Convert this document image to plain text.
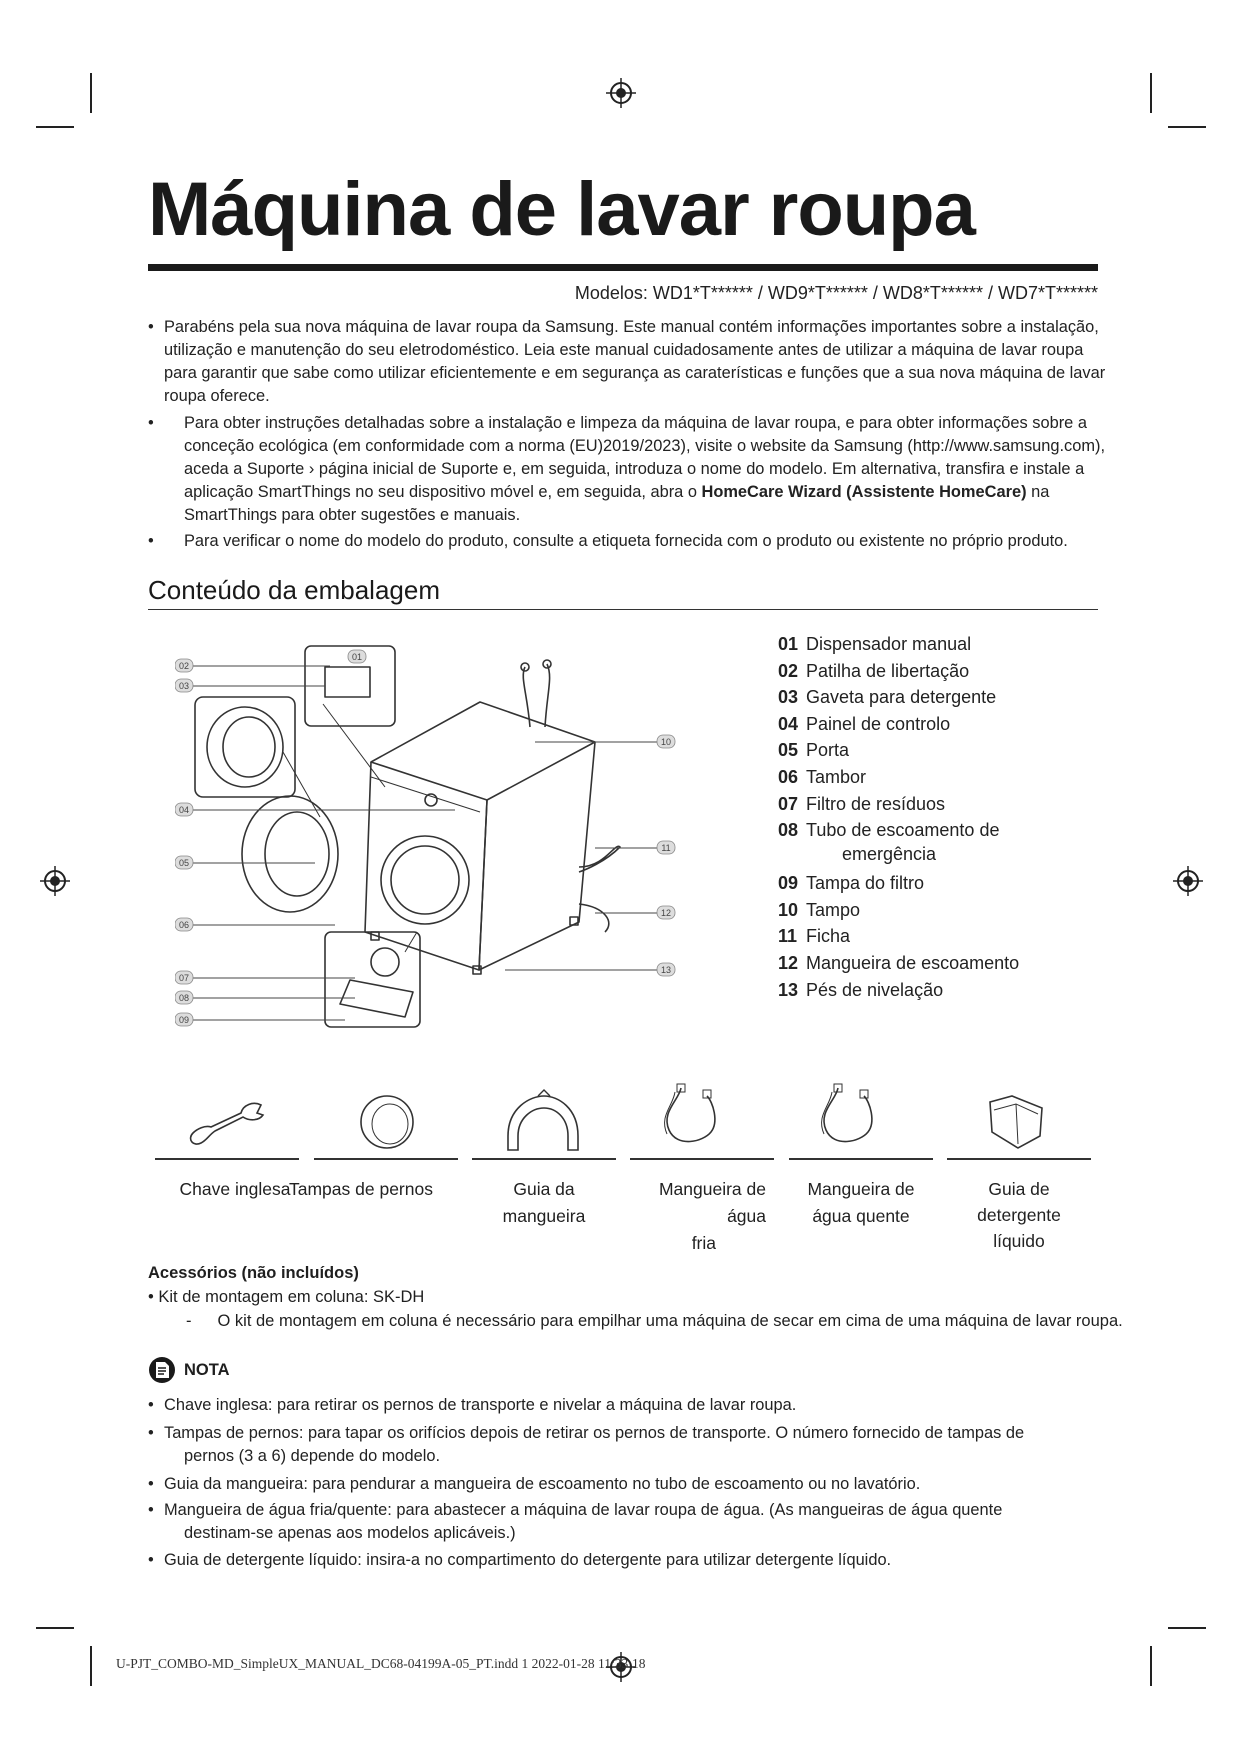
Máquina de lavar roupa
Modelos: WD1*T****** / WD9*T****** / WD8*T****** / WD7*T******
• Parabéns pela sua nova máquina de lavar roupa da Samsung. Este manual contém informações importantes sobre a instalação, utilização e manutenção do seu eletrodoméstico. Leia este manual cuidadosamente antes de utilizar a máquina de lavar roupa para garantir que sabe como utilizar eficientemente e em segurança as caraterísticas e funções que a sua nova máquina de lavar roupa oferece.
•	Para obter instruções detalhadas sobre a instalação e limpeza da máquina de lavar roupa, e para obter informações sobre a conceção ecológica (em conformidade com a norma (EU)2019/2023), visite o website da Samsung (http://www.samsung.com), aceda a Suporte › página inicial de Suporte e, em seguida, introduza o nome do modelo. Em alternativa, transfira e instale a aplicação SmartThings no seu dispositivo móvel e, em seguida, abra o HomeCare Wizard (Assistente HomeCare) na SmartThings para obter sugestões e manuais.
•	Para verificar o nome do modelo do produto, consulte a etiqueta fornecida com o produto ou existente no próprio produto.
Conteúdo da embalagem
01
02
03
04
05
06
07
08
09
10
11
12
13
01 Dispensador manual
02 Patilha de libertação
03 Gaveta para detergente
04 Painel de controlo
05 Porta
06 Tambor
07 Filtro de resíduos
08 Tubo de escoamento de
emergência
09 Tampa do filtro
10 Tampo
11 Ficha
12 Mangueira de escoamento
13 Pés de nivelação
Chave inglesa
Tampas de pernos	Guia da mangueira
Mangueira de água
fria
Mangueira de
água quente
Guia de
detergente
líquido
Acessórios (não incluídos)
• Kit de montagem em coluna: SK-DH
- O kit de montagem em coluna é necessário para empilhar uma máquina de secar em cima de uma máquina de lavar roupa.
NOTA
• Chave inglesa: para retirar os pernos de transporte e nivelar a máquina de lavar roupa.
• Tampas de pernos: para tapar os orifícios depois de retirar os pernos de transporte. O número fornecido de tampas de
pernos (3 a 6) depende do modelo.
• Guia da mangueira: para pendurar a mangueira de escoamento no tubo de escoamento ou no lavatório.
• Mangueira de água fria/quente: para abastecer a máquina de lavar roupa de água. (As mangueiras de água quente
destinam-se apenas aos modelos aplicáveis.)
• Guia de detergente líquido: insira-a no compartimento do detergente para utilizar detergente líquido.
U-PJT_COMBO-MD_SimpleUX_MANUAL_DC68-04199A-05_PT.indd 1 2022-01-28 11:33:18
